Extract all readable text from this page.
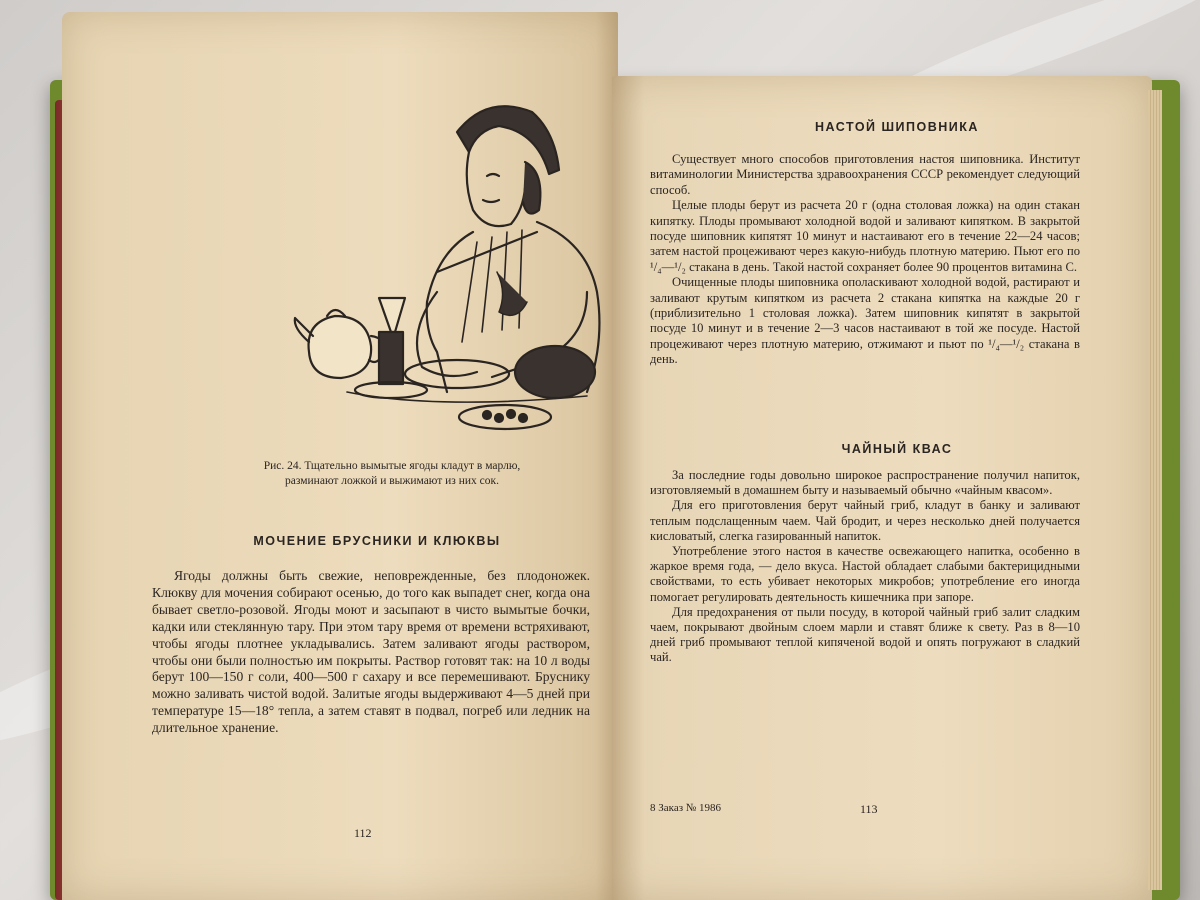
Рис. 24. Тщательно вымытые ягоды кладут в марлю,
разминают ложкой и выжимают из них сок.
МОЧЕНИЕ БРУСНИКИ И КЛЮКВЫ

Ягоды должны быть свежие, неповрежденные, без плодоножек. Клюкву для мочения собирают осенью, до того как выпадет снег, когда она бывает светло-розовой. Ягоды моют и засыпают в чисто вымытые бочки, кадки или стеклянную тару. При этом тару время от времени встряхивают, чтобы ягоды плотнее укладывались. Затем заливают ягоды раствором, чтобы они были полностью им покрыты. Раствор готовят так: на 10 л воды берут 100—150 г соли, 400—500 г сахару и все перемешивают. Бруснику можно заливать чистой водой. Залитые ягоды выдерживают 4—5 дней при температуре 15—18° тепла, а затем ставят в подвал, погреб или ледник на длительное хранение.

112
НАСТОЙ ШИПОВНИКА

Существует много способов приготовления настоя шиповника. Институт витаминологии Министерства здравоохранения СССР рекомендует следующий способ.

Целые плоды берут из расчета 20 г (одна столовая ложка) на один стакан кипятку. Плоды промывают холодной водой и заливают кипятком. В закрытой посуде шиповник кипятят 10 минут и настаивают его в течение 22—24 часов; затем настой процеживают через какую-нибудь плотную материю. Пьют его по ¹/₄—¹/₂ стакана в день. Такой настой сохраняет более 90 процентов витамина С.

Очищенные плоды шиповника ополаскивают холодной водой, растирают и заливают крутым кипятком из расчета 2 стакана кипятка на каждые 20 г (приблизительно 1 столовая ложка). Затем шиповник кипятят в закрытой посуде 10 минут и в течение 2—3 часов настаивают в той же посуде. Настой процеживают через плотную материю, отжимают и пьют по ¹/₄—¹/₂ стакана в день.

ЧАЙНЫЙ КВАС

За последние годы довольно широкое распространение получил напиток, изготовляемый в домашнем быту и называемый обычно «чайным квасом».

Для его приготовления берут чайный гриб, кладут в банку и заливают теплым подслащенным чаем. Чай бродит, и через несколько дней получается кисловатый, слегка газированный напиток.

Употребление этого настоя в качестве освежающего напитка, особенно в жаркое время года, — дело вкуса. Настой обладает слабыми бактерицидными свойствами, то есть убивает некоторых микробов; употребление его иногда помогает регулировать деятельность кишечника при запоре.

Для предохранения от пыли посуду, в которой чайный гриб залит сладким чаем, покрывают двойным слоем марли и ставят ближе к свету. Раз в 8—10 дней гриб промывают теплой кипяченой водой и опять погружают в сладкий чай.

8 Заказ № 1986	113
